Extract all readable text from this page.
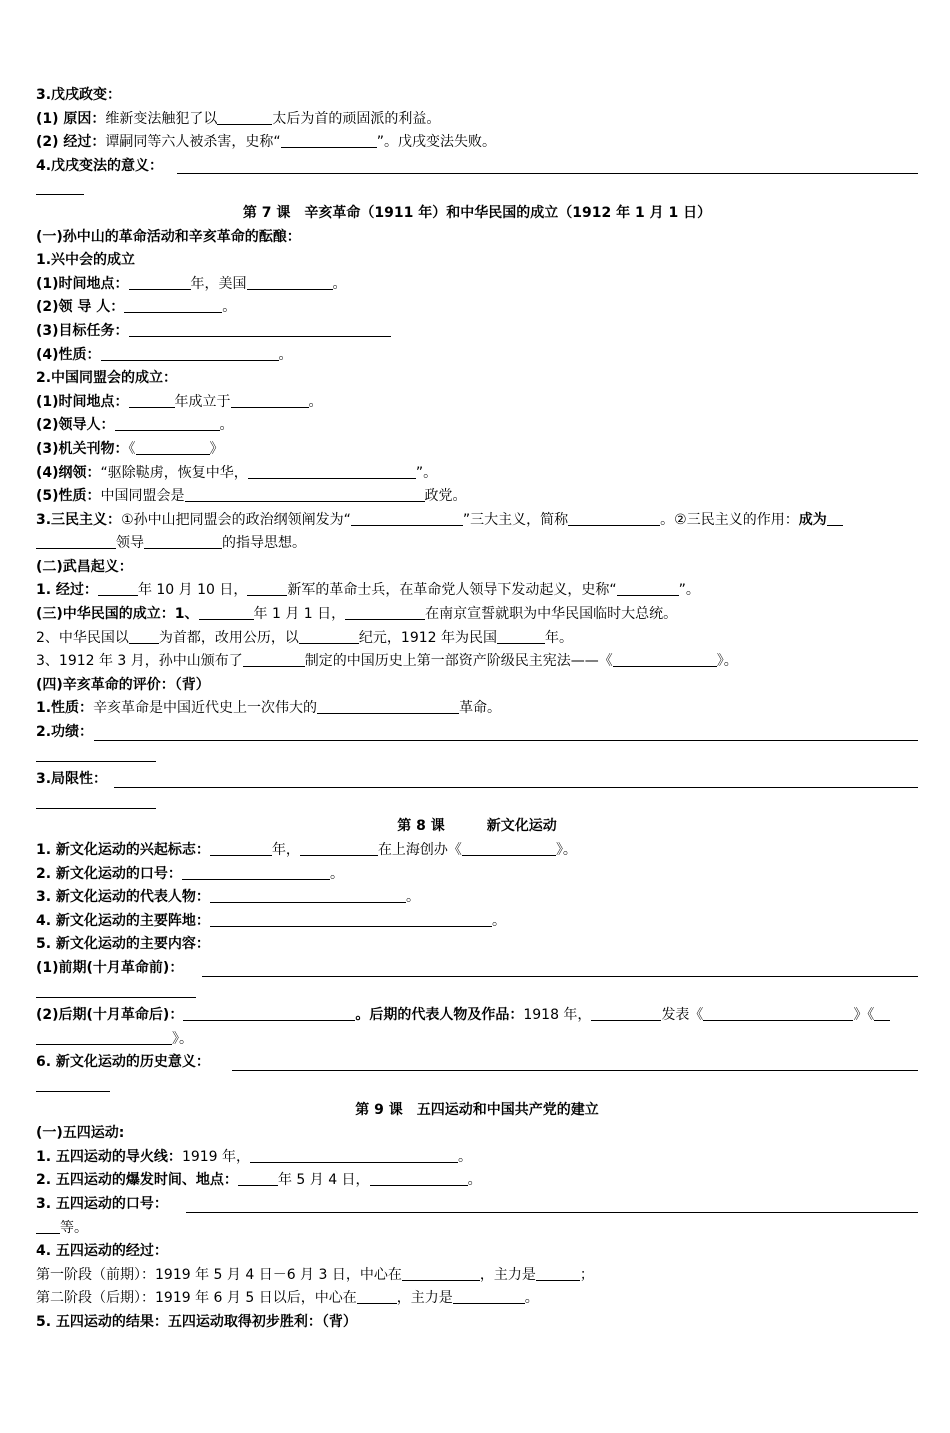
3.戊戌政变：
(1) 原因：维新变法触犯了以	太后为首的顽固派的利益。
(2) 经过：谭嗣同等六人被杀害，史称“	”。戊戌变法失败。
4.戊戌变法的意义：
第 7 课　辛亥革命（1911 年）和中华民国的成立（1912 年 1 月 1 日）
(一)孙中山的革命活动和辛亥革命的酝酿：
1.兴中会的成立
(1)时间地点：	年，美国	。
(2)领 导 人：	。
(3)目标任务：
(4)性质：	。
2.中国同盟会的成立：
(1)时间地点：	年成立于	。
(2)领导人：	。
(3)机关刊物：《	》
(4)纲领：“驱除鞑虏，恢复中华，	”。
(5)性质：中国同盟会是	政党。
3.三民主义：①孙中山把同盟会的政治纲领阐发为“	”三大主义，简称	。②三民主义的作用：成为
领导	的指导思想。
(二)武昌起义：
1. 经过：	年 10 月 10 日，	新军的革命士兵，在革命党人领导下发动起义，史称“	”。
(三)中华民国的成立：1、	年 1 月 1 日，	在南京宣誓就职为中华民国临时大总统。
2、中华民国以 为首都，改用公历，以	纪元，1912 年为民国	年。
3、1912 年 3 月，孙中山颁布了	制定的中国历史上第一部资产阶级民主宪法——《	》。
(四)辛亥革命的评价：（背）
1.性质：辛亥革命是中国近代史上一次伟大的	革命。
2.功绩：
3.局限性：
第 8 课　　　新文化运动
1. 新文化运动的兴起标志：	年，	在上海创办《	》。
2. 新文化运动的口号：	。
3. 新文化运动的代表人物：	。
4. 新文化运动的主要阵地：	。
5. 新文化运动的主要内容：
(1)前期(十月革命前)：
(2)后期(十月革命后)：	。后期的代表人物及作品：1918 年，	发表《	》《
》。
6. 新文化运动的历史意义：
第 9 课　五四运动和中国共产党的建立
(一)五四运动:
1. 五四运动的导火线：1919 年，	。
2. 五四运动的爆发时间、地点：	年 5 月 4 日，	。
3. 五四运动的口号：
等。
4. 五四运动的经过：
第一阶段（前期）：1919 年 5 月 4 日－6 月 3 日，中心在	，主力是	；
第二阶段（后期）：1919 年 6 月 5 日以后，中心在	，主力是	。
5. 五四运动的结果：五四运动取得初步胜利：（背）
